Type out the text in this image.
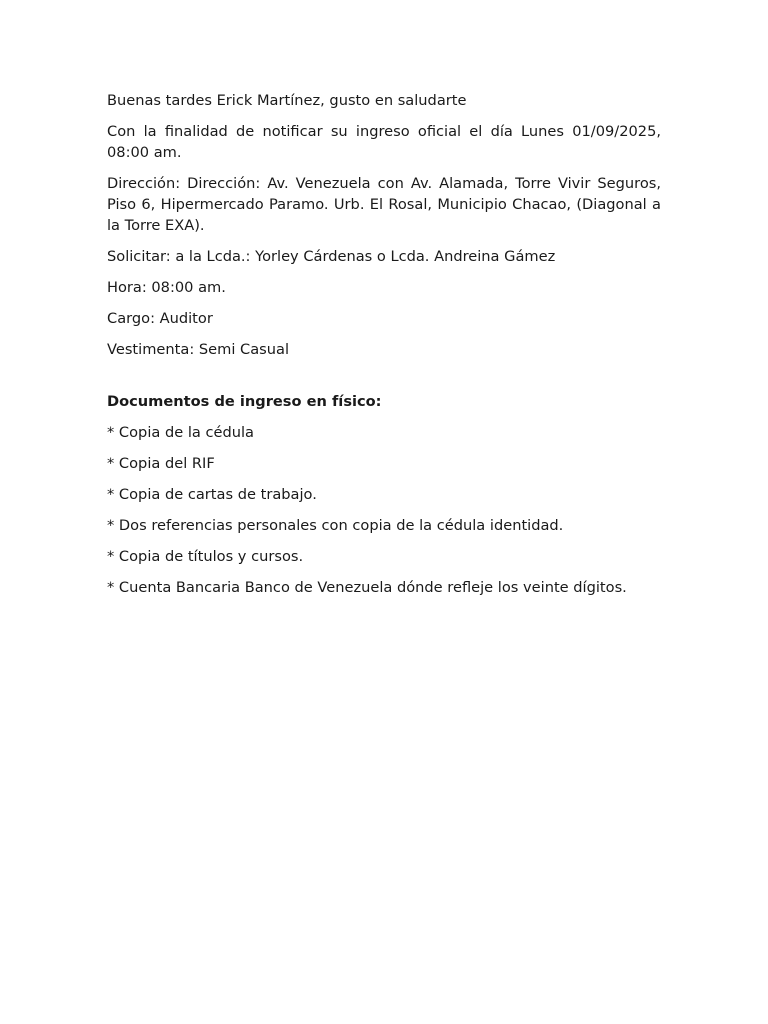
Buenas tardes Erick Martínez, gusto en saludarte

Con la finalidad de notificar su ingreso oficial el día Lunes 01/09/2025, 08:00 am.

Dirección: Dirección: Av. Venezuela con Av. Alamada, Torre Vivir Seguros, Piso 6, Hipermercado Paramo. Urb. El Rosal, Municipio Chacao, (Diagonal a la Torre EXA).

Solicitar: a la Lcda.: Yorley Cárdenas o Lcda. Andreina Gámez

Hora: 08:00 am.

Cargo: Auditor

Vestimenta: Semi Casual

Documentos de ingreso en físico:

* Copia de la cédula

* Copia del RIF

* Copia de cartas de trabajo.

* Dos referencias personales con copia de la cédula identidad.

* Copia de títulos y cursos.

* Cuenta Bancaria Banco de Venezuela dónde refleje los veinte dígitos.
